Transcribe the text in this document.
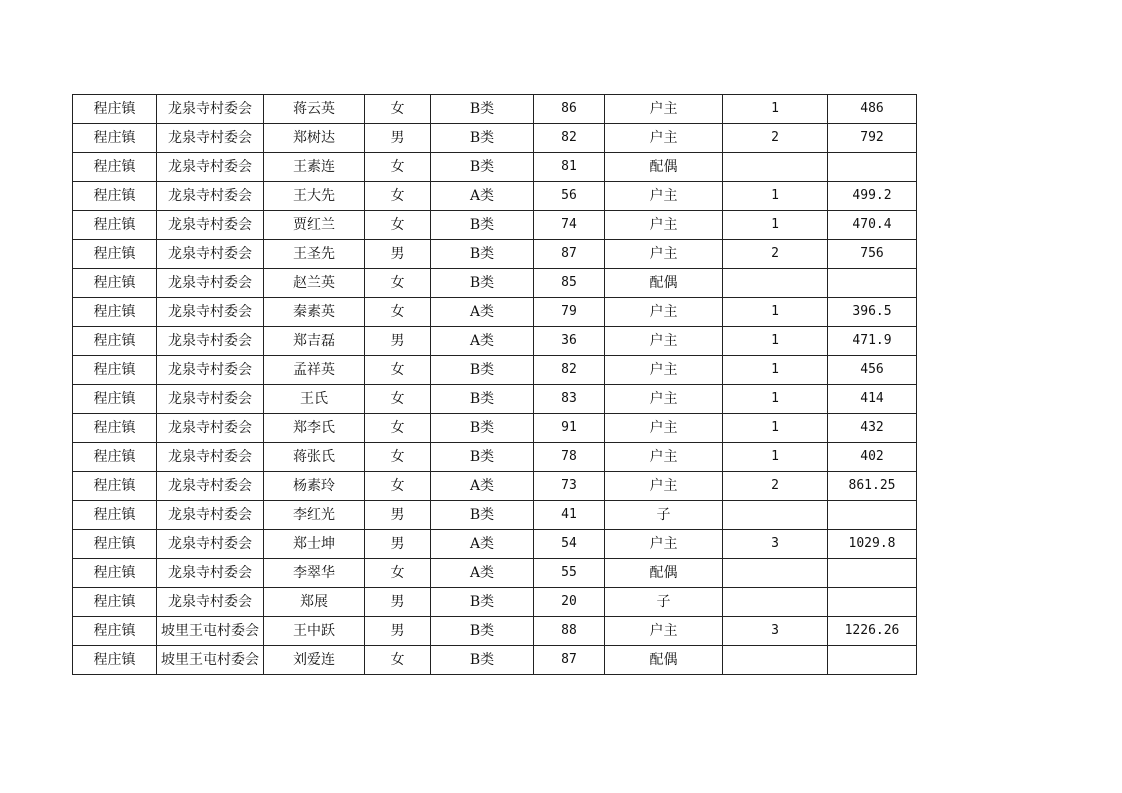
程庄镇	龙泉寺村委会	蒋云英	女	B类	86	户主	1	486
程庄镇	龙泉寺村委会	郑树达	男	B类	82	户主	2	792
程庄镇	龙泉寺村委会	王素连	女	B类	81	配偶		
程庄镇	龙泉寺村委会	王大先	女	A类	56	户主	1	499.2
程庄镇	龙泉寺村委会	贾红兰	女	B类	74	户主	1	470.4
程庄镇	龙泉寺村委会	王圣先	男	B类	87	户主	2	756
程庄镇	龙泉寺村委会	赵兰英	女	B类	85	配偶		
程庄镇	龙泉寺村委会	秦素英	女	A类	79	户主	1	396.5
程庄镇	龙泉寺村委会	郑吉磊	男	A类	36	户主	1	471.9
程庄镇	龙泉寺村委会	孟祥英	女	B类	82	户主	1	456
程庄镇	龙泉寺村委会	王氏	女	B类	83	户主	1	414
程庄镇	龙泉寺村委会	郑李氏	女	B类	91	户主	1	432
程庄镇	龙泉寺村委会	蒋张氏	女	B类	78	户主	1	402
程庄镇	龙泉寺村委会	杨素玲	女	A类	73	户主	2	861.25
程庄镇	龙泉寺村委会	李红光	男	B类	41	子		
程庄镇	龙泉寺村委会	郑士坤	男	A类	54	户主	3	1029.8
程庄镇	龙泉寺村委会	李翠华	女	A类	55	配偶		
程庄镇	龙泉寺村委会	郑展	男	B类	20	子		
程庄镇	坡里王屯村委会	王中跃	男	B类	88	户主	3	1226.26
程庄镇	坡里王屯村委会	刘爱连	女	B类	87	配偶		
